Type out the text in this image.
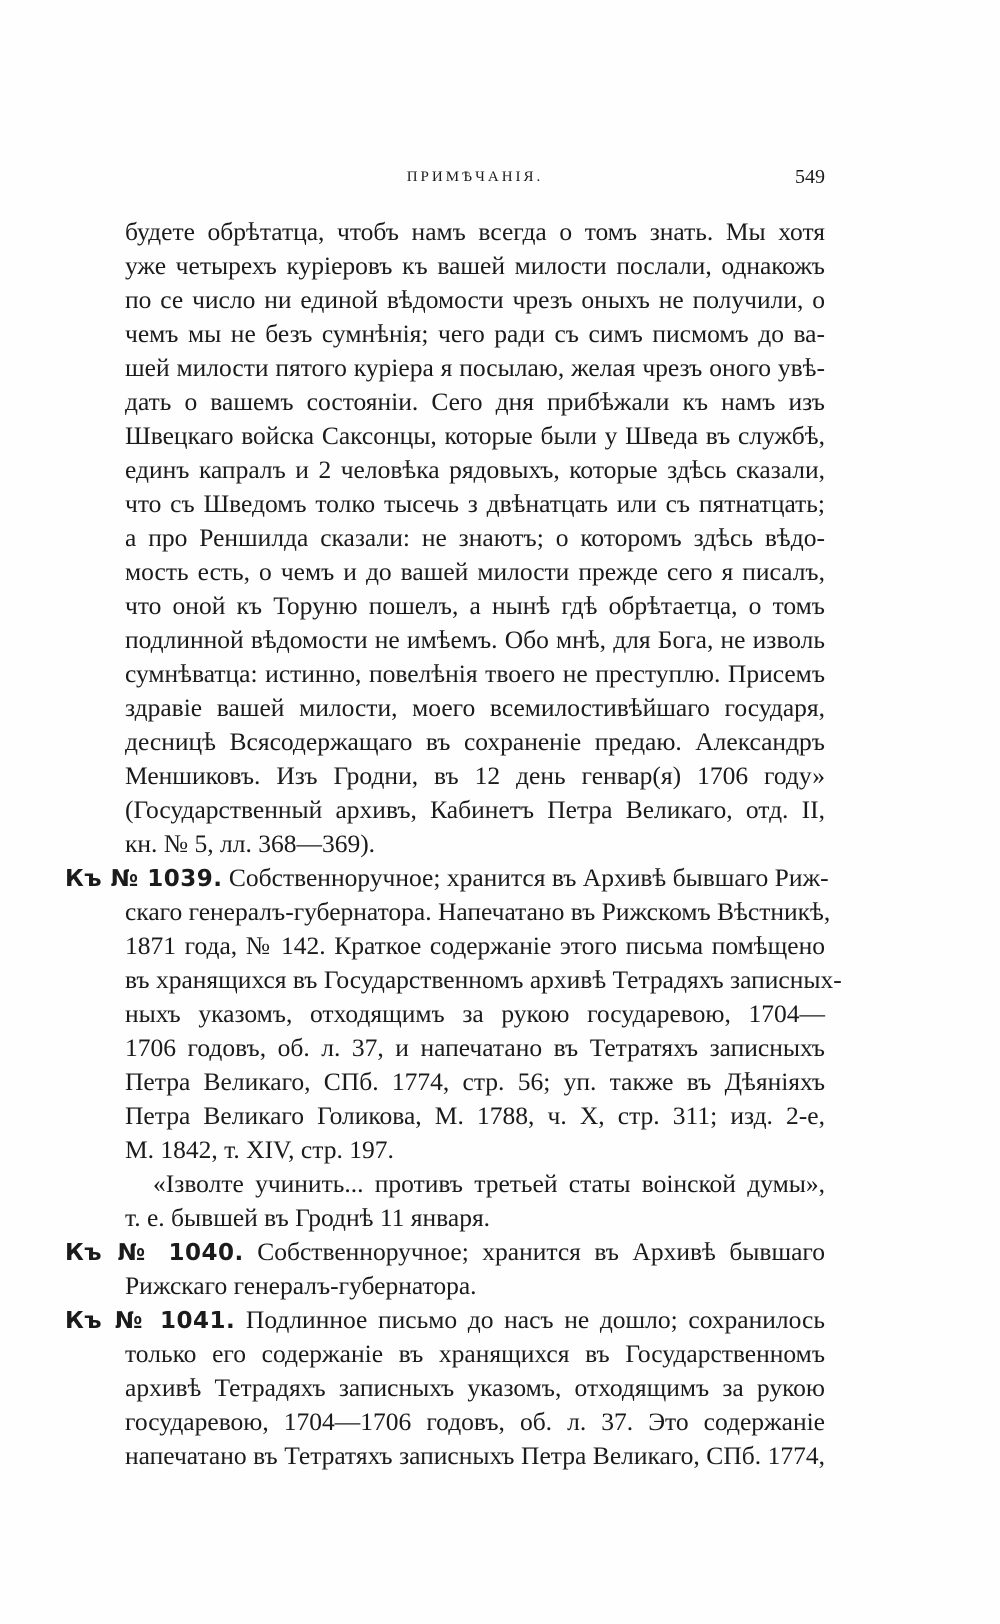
ПРИМѢЧАНІЯ.	549
будете обрѣтатца, чтобъ намъ всегда о томъ знать. Мы хотя
уже четырехъ куріеровъ къ вашей милости послали, однакожъ
по се число ни единой вѣдомости чрезъ оныхъ не получили, о
чемъ мы не безъ сумнѣнія; чего ради съ симъ писмомъ до ва-
шей милости пятого куріера я посылаю, желая чрезъ оного увѣ-
дать о вашемъ состояніи. Сего дня прибѣжали къ намъ изъ
Швецкаго войска Саксонцы, которые были у Шведа въ службѣ,
единъ капралъ и 2 человѣка рядовыхъ, которые здѣсь сказали,
что съ Шведомъ толко тысечь з двѣнатцать или съ пятнатцать;
а про Реншилда сказали: не знаютъ; о которомъ здѣсь вѣдо-
мость есть, о чемъ и до вашей милости прежде сего я писалъ,
что оной къ Торуню пошелъ, а нынѣ гдѣ обрѣтаетца, о томъ
подлинной вѣдомости не имѣемъ. Обо мнѣ, для Бога, не изволь
сумнѣватца: истинно, повелѣнія твоего не преступлю. Присемъ
здравіе вашей милости, моего всемилостивѣйшаго государя,
десницѣ Всясодержащаго въ сохраненіе предаю. Александръ
Меншиковъ. Изъ Гродни, въ 12 день генвар(я) 1706 году»
(Государственный архивъ, Кабинетъ Петра Великаго, отд. II,
кн. № 5, лл. 368—369).
Къ № 1039. Собственноручное; хранится въ Архивѣ бывшаго Риж-
скаго генералъ-губернатора. Напечатано въ Рижскомъ Вѣстникѣ,
1871 года, № 142. Краткое содержаніе этого письма помѣщено
въ хранящихся въ Государственномъ архивѣ Тетрадяхъ записных-
ныхъ указомъ, отходящимъ за рукою государевою, 1704—
1706 годовъ, об. л. 37, и напечатано въ Тетратяхъ записныхъ
Петра Великаго, СПб. 1774, стр. 56; уп. также въ Дѣяніяхъ
Петра Великаго Голикова, М. 1788, ч. X, стр. 311; изд. 2-е,
М. 1842, т. XIV, стр. 197.
«Ізволте учинить... противъ третьей статы воінской думы»,
т. е. бывшей въ Гроднѣ 11 января.
Къ № 1040. Собственноручное; хранится въ Архивѣ бывшаго
Рижскаго генералъ-губернатора.
Къ № 1041. Подлинное письмо до насъ не дошло; сохранилось
только его содержаніе въ хранящихся въ Государственномъ
архивѣ Тетрадяхъ записныхъ указомъ, отходящимъ за рукою
государевою, 1704—1706 годовъ, об. л. 37. Это содержаніе
напечатано въ Тетратяхъ записныхъ Петра Великаго, СПб. 1774,
